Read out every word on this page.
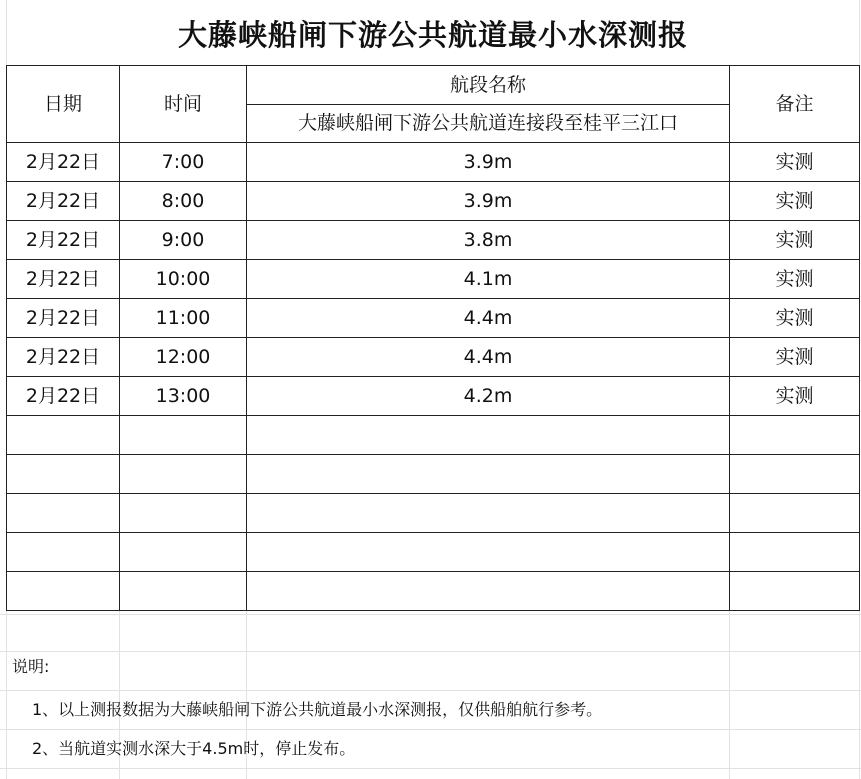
大藤峡船闸下游公共航道最小水深测报
日期	时间	航段名称	备注
		大藤峡船闸下游公共航道连接段至桂平三江口	
2月22日	7:00	3.9m	实测
2月22日	8:00	3.9m	实测
2月22日	9:00	3.8m	实测
2月22日	10:00	4.1m	实测
2月22日	11:00	4.4m	实测
2月22日	12:00	4.4m	实测
2月22日	13:00	4.2m	实测

说明:
1、以上测报数据为大藤峡船闸下游公共航道最小水深测报，仅供船舶航行参考。
2、当航道实测水深大于4.5m时，停止发布。
